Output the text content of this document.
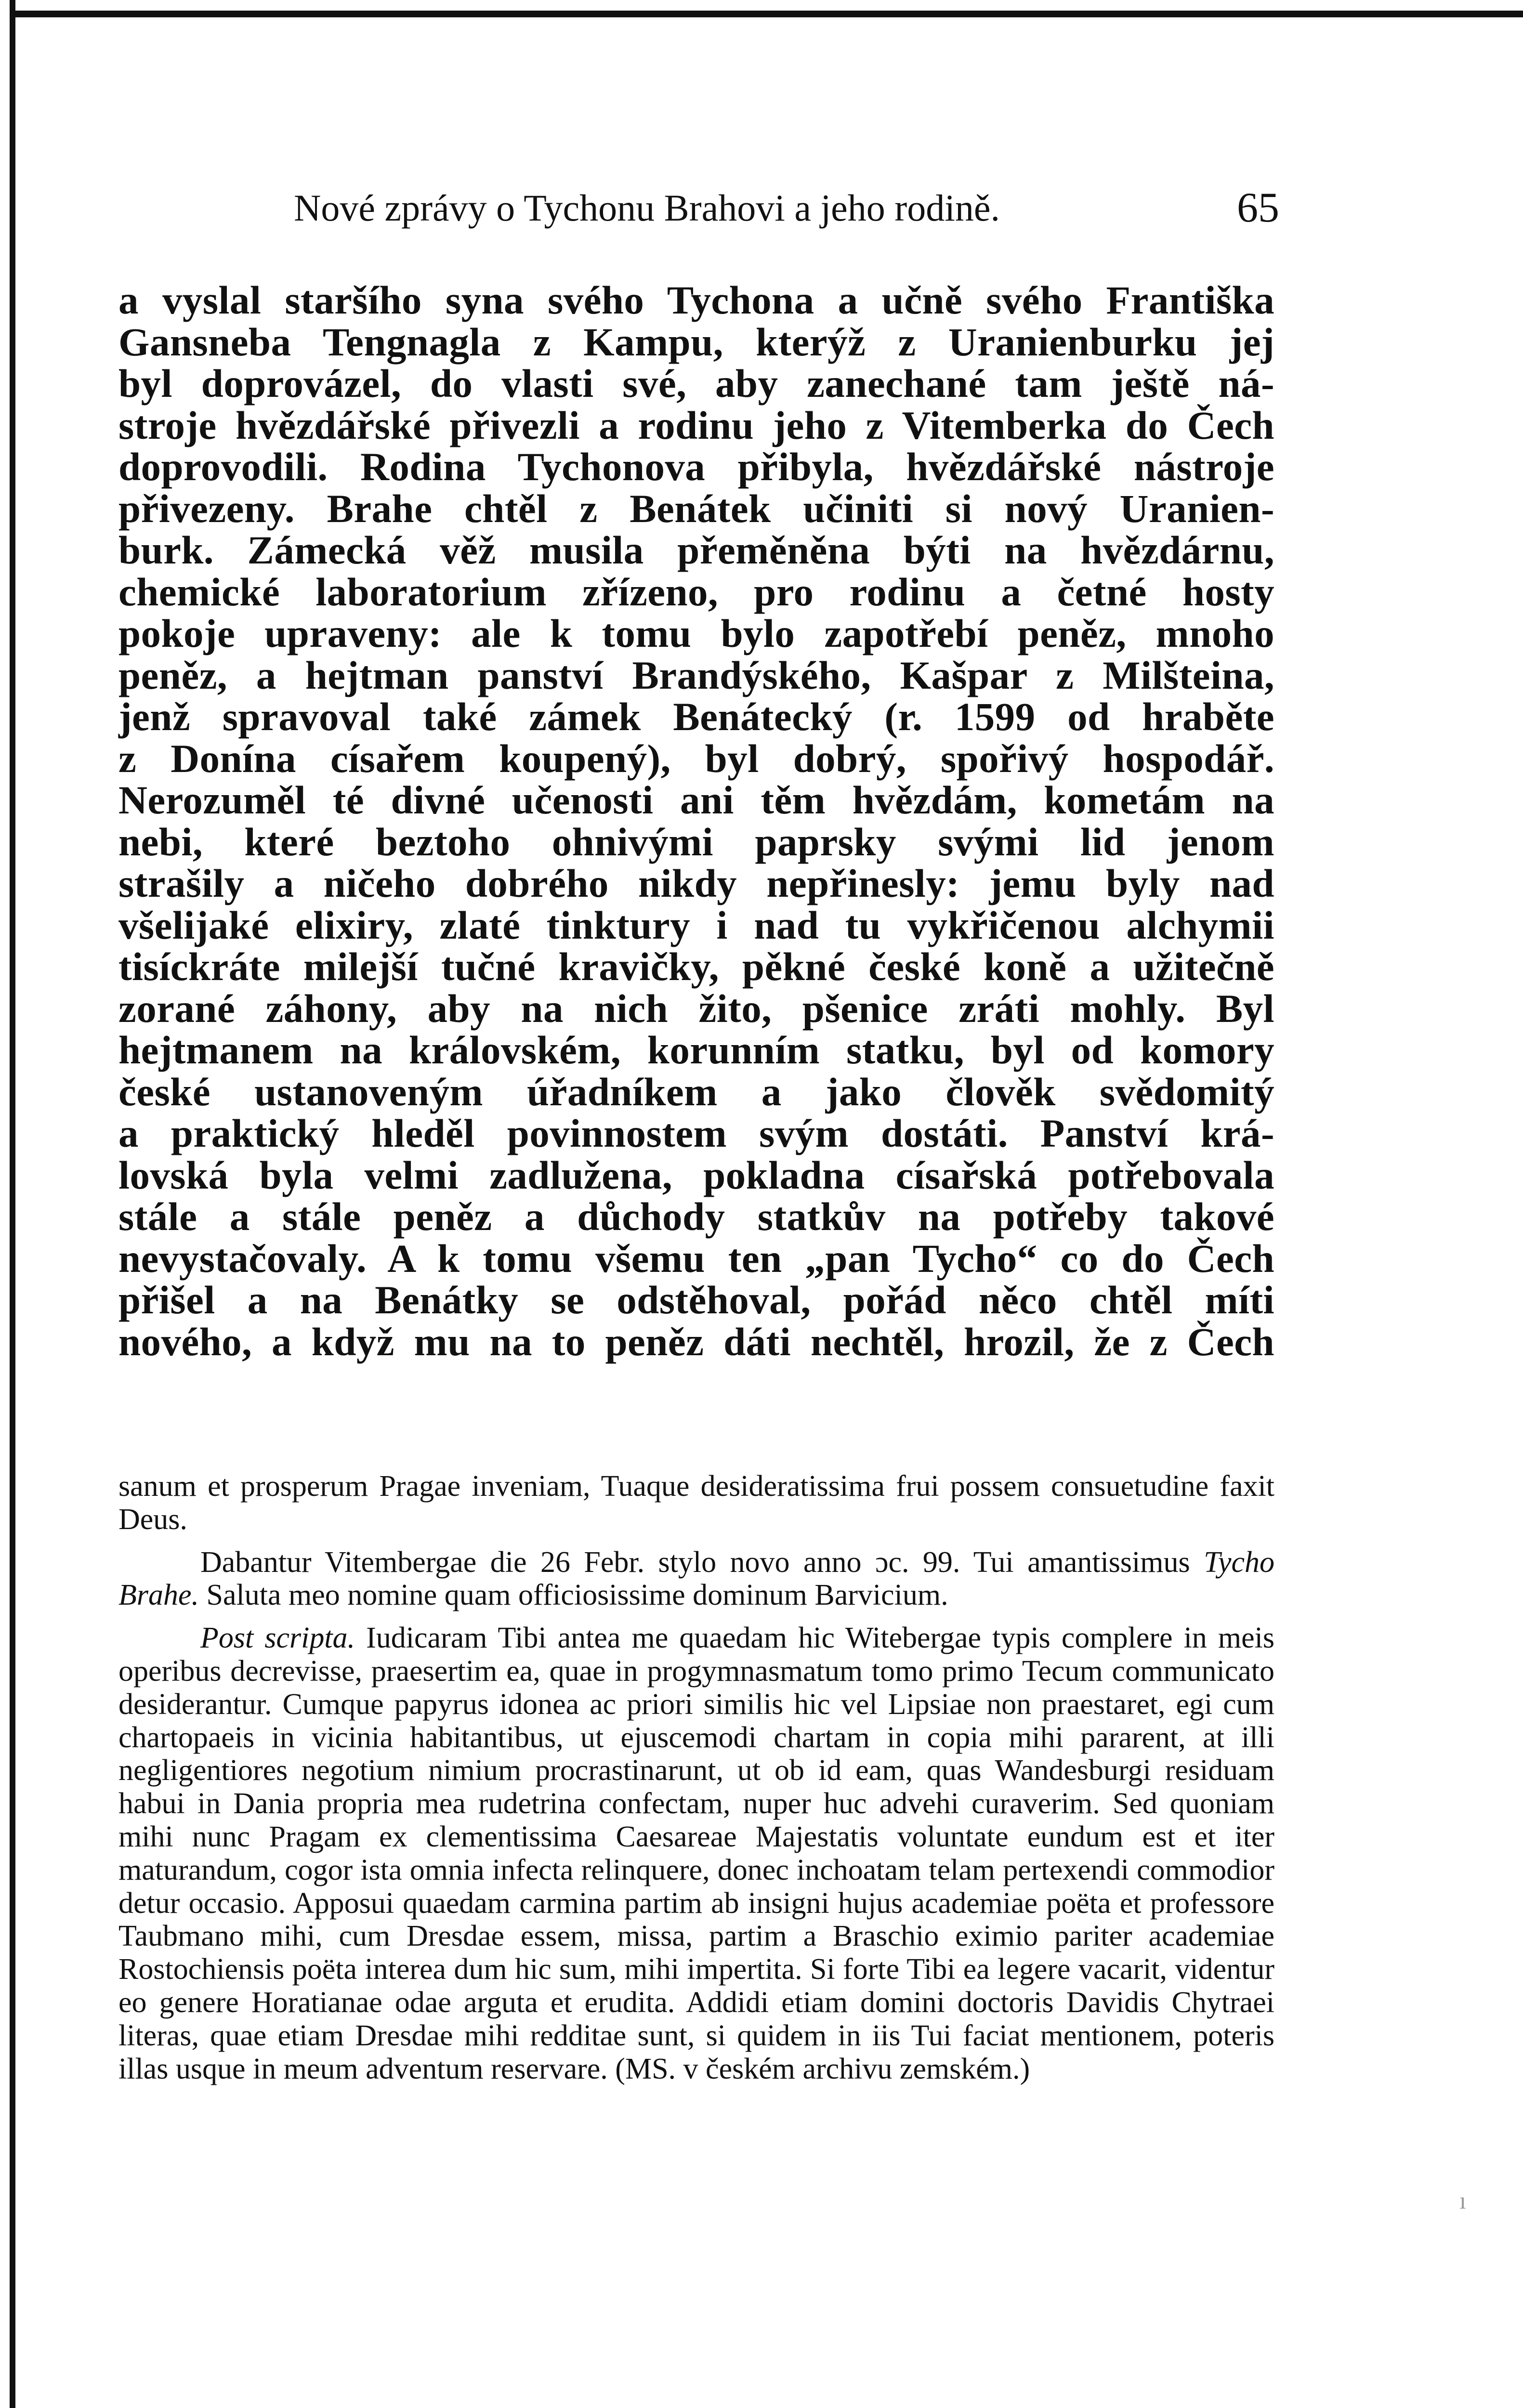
Nové zprávy o Tychonu Brahovi a jeho rodině.	65
a vyslal staršího syna svého Tychona a učně svého Františka
Gansneba Tengnagla z Kampu, kterýž z Uranienburku jej
byl doprovázel, do vlasti své, aby zanechané tam ještě ná-
stroje hvězdářské přivezli a rodinu jeho z Vitemberka do Čech
doprovodili. Rodina Tychonova přibyla, hvězdářské nástroje
přivezeny. Brahe chtěl z Benátek učiniti si nový Uranien-
burk. Zámecká věž musila přeměněna býti na hvězdárnu,
chemické laboratorium zřízeno, pro rodinu a četné hosty
pokoje upraveny: ale k tomu bylo zapotřebí peněz, mnoho
peněz, a hejtman panství Brandýského, Kašpar z Milšteina,
jenž spravoval také zámek Benátecký (r. 1599 od hraběte
z Donína císařem koupený), byl dobrý, spořivý hospodář.
Nerozuměl té divné učenosti ani těm hvězdám, kometám na
nebi, které beztoho ohnivými paprsky svými lid jenom
strašily a ničeho dobrého nikdy nepřinesly: jemu byly nad
všelijaké elixiry, zlaté tinktury i nad tu vykřičenou alchymii
tisíckráte milejší tučné kravičky, pěkné české koně a užitečně
zorané záhony, aby na nich žito, pšenice zráti mohly. Byl
hejtmanem na královském, korunním statku, byl od komory
české ustanoveným úřadníkem a jako člověk svědomitý
a praktický hleděl povinnostem svým dostáti. Panství krá-
lovská byla velmi zadlužena, pokladna císařská potřebovala
stále a stále peněz a důchody statkův na potřeby takové
nevystačovaly. A k tomu všemu ten „pan Tycho“ co do Čech
přišel a na Benátky se odstěhoval, pořád něco chtěl míti
nového, a když mu na to peněz dáti nechtěl, hrozil, že z Čech
sanum et prosperum Pragae inveniam, Tuaque desideratissima frui possem consuetudine faxit Deus.
Dabantur Vitembergae die 26 Febr. stylo novo anno ɔc. 99. Tui amantissimus Tycho Brahe. Saluta meo nomine quam officiosissime dominum Barvicium.
Post scripta. Iudicaram Tibi antea me quaedam hic Witebergae typis complere in meis operibus decrevisse, praesertim ea, quae in progymnasmatum tomo primo Tecum communicato desiderantur. Cumque papyrus idonea ac priori similis hic vel Lipsiae non praestaret, egi cum chartopaeis in vicinia habitantibus, ut ejuscemodi chartam in copia mihi pararent, at illi negligentiores negotium nimium procrastinarunt, ut ob id eam, quas Wandesburgi residuam habui in Dania propria mea rudetrina confectam, nuper huc advehi curaverim. Sed quoniam mihi nunc Pragam ex clementissima Caesareae Majestatis voluntate eundum est et iter maturandum, cogor ista omnia infecta relinquere, donec inchoatam telam pertexendi commodior detur occasio. Apposui quaedam carmina partim ab insigni hujus academiae poëta et professore Taubmano mihi, cum Dresdae essem, missa, partim a Braschio eximio pariter academiae Rostochiensis poëta interea dum hic sum, mihi impertita. Si forte Tibi ea legere vacarit, videntur eo genere Horatianae odae arguta et erudita. Addidi etiam domini doctoris Davidis Chytraei literas, quae etiam Dresdae mihi redditae sunt, si quidem in iis Tui faciat mentionem, poteris illas usque in meum adventum reservare. (MS. v českém archivu zemském.)
ı
